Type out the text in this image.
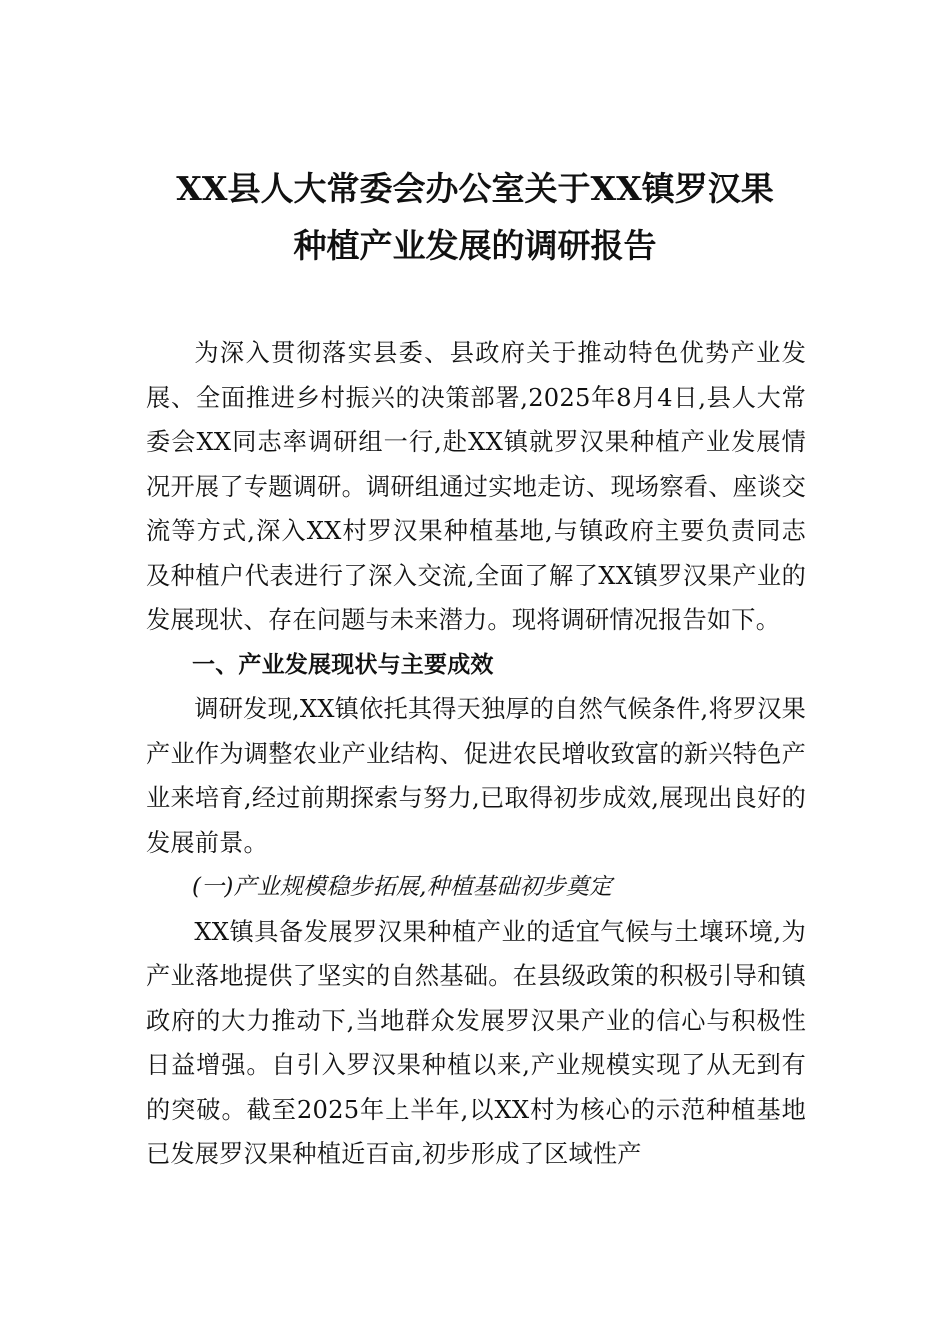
XX县人大常委会办公室关于XX镇罗汉果
种植产业发展的调研报告

为深入贯彻落实县委、县政府关于推动特色优势产业发展、全面推进乡村振兴的决策部署,2025年8月4日,县人大常委会XX同志率调研组一行,赴XX镇就罗汉果种植产业发展情况开展了专题调研。调研组通过实地走访、现场察看、座谈交流等方式,深入XX村罗汉果种植基地,与镇政府主要负责同志及种植户代表进行了深入交流,全面了解了XX镇罗汉果产业的发展现状、存在问题与未来潜力。现将调研情况报告如下。

一、产业发展现状与主要成效

调研发现,XX镇依托其得天独厚的自然气候条件,将罗汉果产业作为调整农业产业结构、促进农民增收致富的新兴特色产业来培育,经过前期探索与努力,已取得初步成效,展现出良好的发展前景。

(一)产业规模稳步拓展,种植基础初步奠定

XX镇具备发展罗汉果种植产业的适宜气候与土壤环境,为产业落地提供了坚实的自然基础。在县级政策的积极引导和镇政府的大力推动下,当地群众发展罗汉果产业的信心与积极性日益增强。自引入罗汉果种植以来,产业规模实现了从无到有的突破。截至2025年上半年,以XX村为核心的示范种植基地已发展罗汉果种植近百亩,初步形成了区域性产
